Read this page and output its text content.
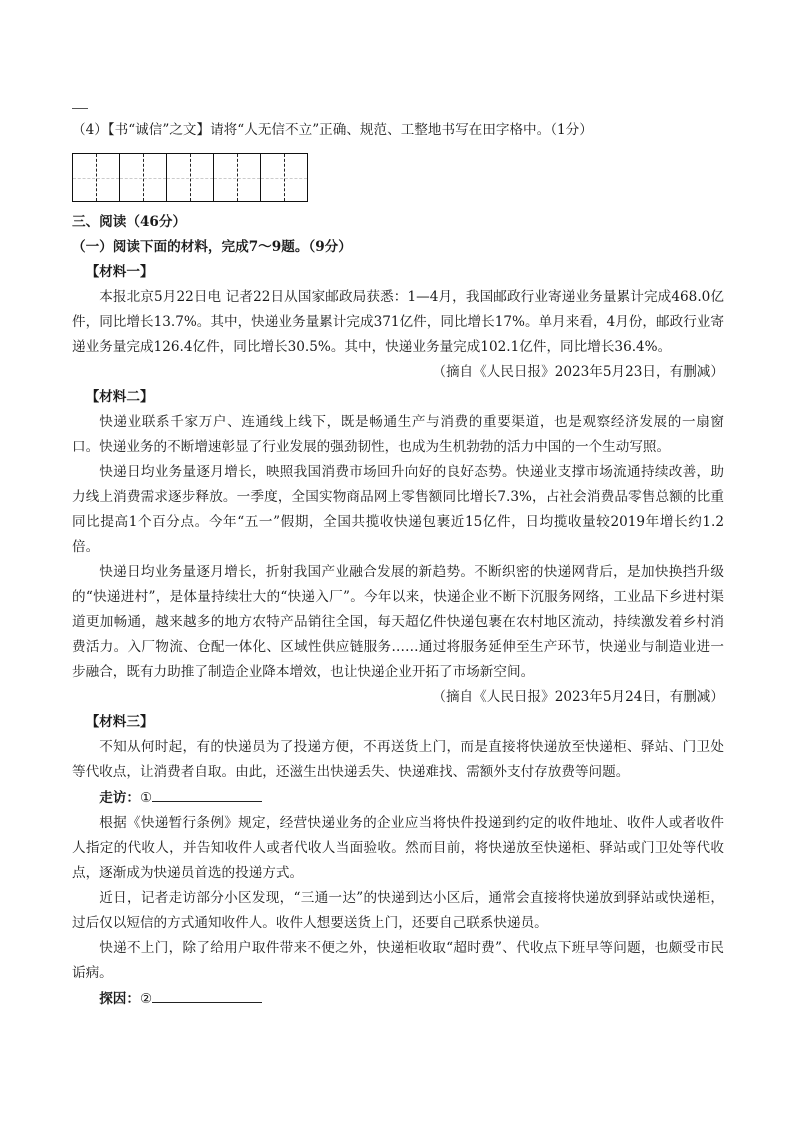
（4）【书“诚信”之文】请将“人无信不立”正确、规范、工整地书写在田字格中。（1分）

三、阅读（46分）

（一）阅读下面的材料，完成7～9题。（9分）

【材料一】

本报北京5月22日电 记者22日从国家邮政局获悉：1—4月，我国邮政行业寄递业务量累计完成468.0亿件，同比增长13.7%。其中，快递业务量累计完成371亿件，同比增长17%。单月来看，4月份，邮政行业寄递业务量完成126.4亿件，同比增长30.5%。其中，快递业务量完成102.1亿件，同比增长36.4%。

（摘自《人民日报》2023年5月23日，有删减）

【材料二】

快递业联系千家万户、连通线上线下，既是畅通生产与消费的重要渠道，也是观察经济发展的一扇窗口。快递业务的不断增速彰显了行业发展的强劲韧性，也成为生机勃勃的活力中国的一个生动写照。

快递日均业务量逐月增长，映照我国消费市场回升向好的良好态势。快递业支撑市场流通持续改善，助力线上消费需求逐步释放。一季度，全国实物商品网上零售额同比增长7.3%，占社会消费品零售总额的比重同比提高1个百分点。今年“五一”假期，全国共揽收快递包裹近15亿件，日均揽收量较2019年增长约1.2倍。

快递日均业务量逐月增长，折射我国产业融合发展的新趋势。不断织密的快递网背后，是加快换挡升级的“快递进村”，是体量持续壮大的“快递入厂”。今年以来，快递企业不断下沉服务网络，工业品下乡进村渠道更加畅通，越来越多的地方农特产品销往全国，每天超亿件快递包裹在农村地区流动，持续激发着乡村消费活力。入厂物流、仓配一体化、区域性供应链服务……通过将服务延伸至生产环节，快递业与制造业进一步融合，既有力助推了制造企业降本增效，也让快递企业开拓了市场新空间。

（摘自《人民日报》2023年5月24日，有删减）

【材料三】

不知从何时起，有的快递员为了投递方便，不再送货上门，而是直接将快递放至快递柜、驿站、门卫处等代收点，让消费者自取。由此，还滋生出快递丢失、快递难找、需额外支付存放费等问题。

走访：①

根据《快递暂行条例》规定，经营快递业务的企业应当将快件投递到约定的收件地址、收件人或者收件人指定的代收人，并告知收件人或者代收人当面验收。然而目前，将快递放至快递柜、驿站或门卫处等代收点，逐渐成为快递员首选的投递方式。

近日，记者走访部分小区发现，“三通一达”的快递到达小区后，通常会直接将快递放到驿站或快递柜，过后仅以短信的方式通知收件人。收件人想要送货上门，还要自己联系快递员。

快递不上门，除了给用户取件带来不便之外，快递柜收取“超时费”、代收点下班早等问题，也颇受市民诟病。

探因：②
